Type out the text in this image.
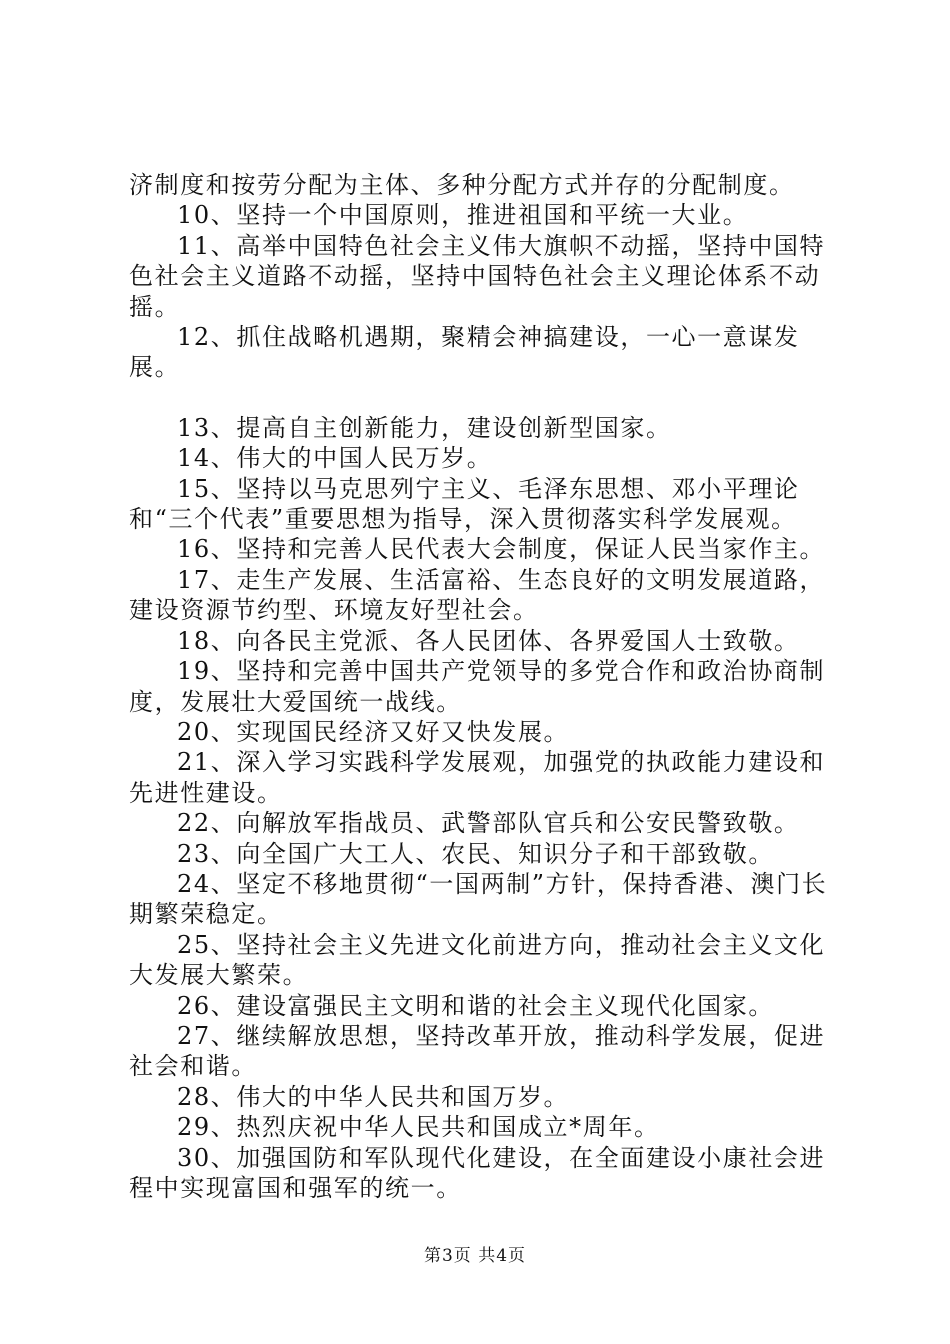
济制度和按劳分配为主体、多种分配方式并存的分配制度。

10、坚持一个中国原则，推进祖国和平统一大业。

11、高举中国特色社会主义伟大旗帜不动摇，坚持中国特色社会主义道路不动摇，坚持中国特色社会主义理论体系不动摇。

12、抓住战略机遇期，聚精会神搞建设，一心一意谋发展。

13、提高自主创新能力，建设创新型国家。

14、伟大的中国人民万岁。

15、坚持以马克思列宁主义、毛泽东思想、邓小平理论和“三个代表”重要思想为指导，深入贯彻落实科学发展观。

16、坚持和完善人民代表大会制度，保证人民当家作主。

17、走生产发展、生活富裕、生态良好的文明发展道路，建设资源节约型、环境友好型社会。

18、向各民主党派、各人民团体、各界爱国人士致敬。

19、坚持和完善中国共产党领导的多党合作和政治协商制度，发展壮大爱国统一战线。

20、实现国民经济又好又快发展。

21、深入学习实践科学发展观，加强党的执政能力建设和先进性建设。

22、向解放军指战员、武警部队官兵和公安民警致敬。

23、向全国广大工人、农民、知识分子和干部致敬。

24、坚定不移地贯彻“一国两制”方针，保持香港、澳门长期繁荣稳定。

25、坚持社会主义先进文化前进方向，推动社会主义文化大发展大繁荣。

26、建设富强民主文明和谐的社会主义现代化国家。

27、继续解放思想，坚持改革开放，推动科学发展，促进社会和谐。

28、伟大的中华人民共和国万岁。

29、热烈庆祝中华人民共和国成立*周年。

30、加强国防和军队现代化建设，在全面建设小康社会进程中实现富国和强军的统一。

第3页 共4页
